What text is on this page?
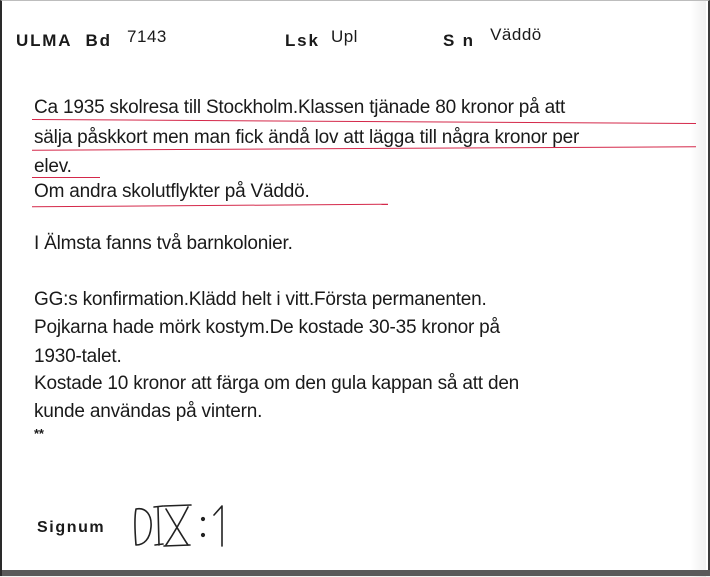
ULMA Bd 7143	Lsk Upl	S n Väddö
Ca 1935 skolresa till Stockholm.Klassen tjänade 80 kronor på att
sälja påskkort men man fick ändå lov att lägga till några kronor per
elev.
Om andra skolutflykter på Väddö.
I Älmsta fanns två barnkolonier.
GG:s konfirmation.Klädd helt i vitt.Första permanenten.
Pojkarna hade mörk kostym.De kostade 30-35 kronor på
1930-talet.
Kostade 10 kronor att färga om den gula kappan så att den
kunde användas på vintern.
**
Signum
